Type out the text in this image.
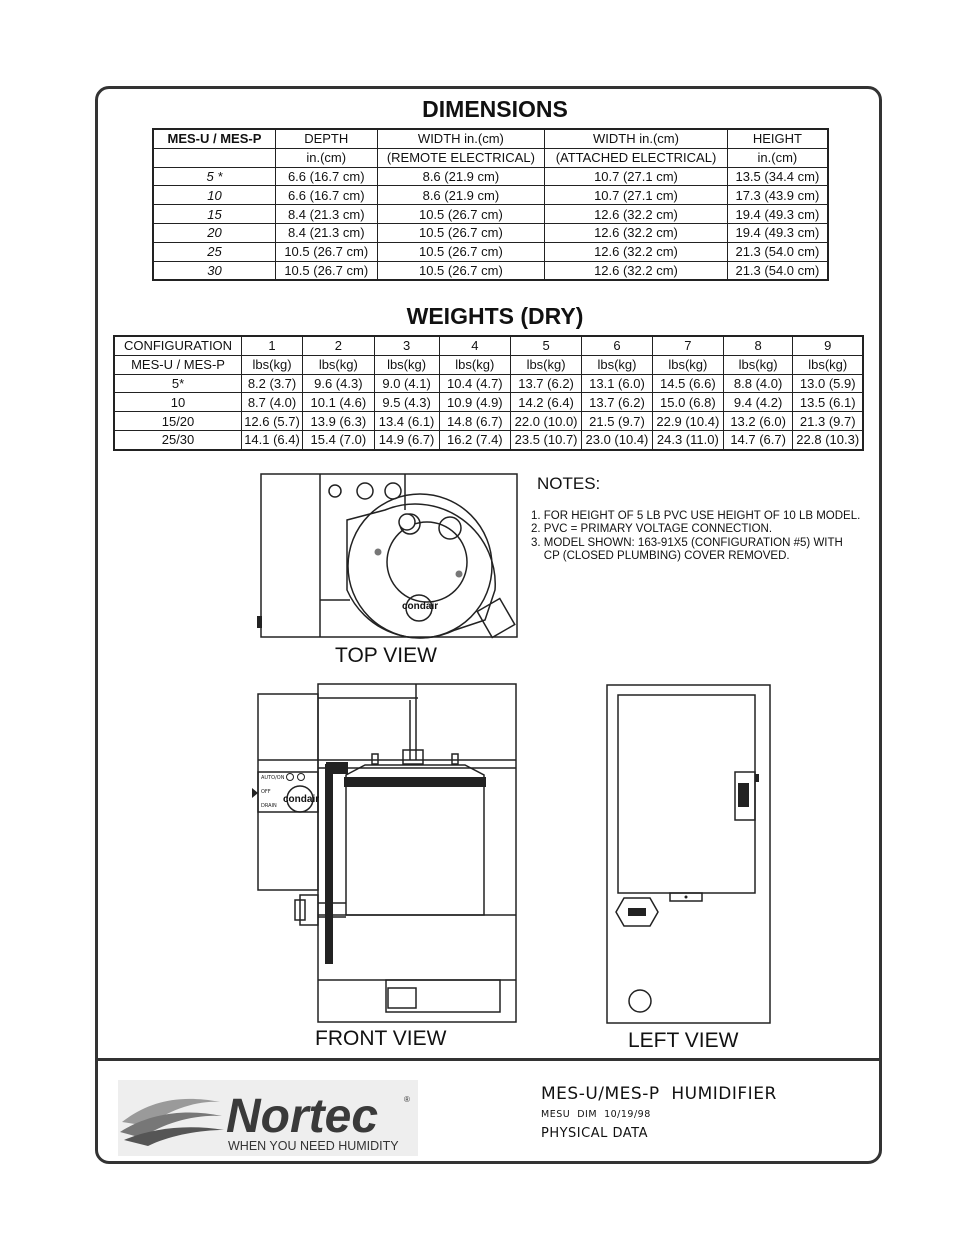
DIMENSIONS
MES-U / MES-P	DEPTH	WIDTH in.(cm)	WIDTH in.(cm)	HEIGHT
	in.(cm)	(REMOTE ELECTRICAL)	(ATTACHED ELECTRICAL)	in.(cm)
5 *	6.6 (16.7 cm)	8.6 (21.9 cm)	10.7 (27.1 cm)	13.5 (34.4 cm)
10	6.6 (16.7 cm)	8.6 (21.9 cm)	10.7 (27.1 cm)	17.3 (43.9 cm)
15	8.4 (21.3 cm)	10.5 (26.7 cm)	12.6 (32.2 cm)	19.4 (49.3 cm)
20	8.4 (21.3 cm)	10.5 (26.7 cm)	12.6 (32.2 cm)	19.4 (49.3 cm)
25	10.5 (26.7 cm)	10.5 (26.7 cm)	12.6 (32.2 cm)	21.3 (54.0 cm)
30	10.5 (26.7 cm)	10.5 (26.7 cm)	12.6 (32.2 cm)	21.3 (54.0 cm)
WEIGHTS (DRY)
CONFIGURATION	1	2	3	4	5	6	7	8	9
MES-U / MES-P	lbs(kg)	lbs(kg)	lbs(kg)	lbs(kg)	lbs(kg)	lbs(kg)	lbs(kg)	lbs(kg)	lbs(kg)
5*	8.2 (3.7)	9.6 (4.3)	9.0 (4.1)	10.4 (4.7)	13.7 (6.2)	13.1 (6.0)	14.5 (6.6)	8.8 (4.0)	13.0 (5.9)
10	8.7 (4.0)	10.1 (4.6)	9.5 (4.3)	10.9 (4.9)	14.2 (6.4)	13.7 (6.2)	15.0 (6.8)	9.4 (4.2)	13.5 (6.1)
15/20	12.6 (5.7)	13.9 (6.3)	13.4 (6.1)	14.8 (6.7)	22.0 (10.0)	21.5 (9.7)	22.9 (10.4)	13.2 (6.0)	21.3 (9.7)
25/30	14.1 (6.4)	15.4 (7.0)	14.9 (6.7)	16.2 (7.4)	23.5 (10.7)	23.0 (10.4)	24.3 (11.0)	14.7 (6.7)	22.8 (10.3)
NOTES:
1. FOR HEIGHT OF 5 LB PVC USE HEIGHT OF 10 LB MODEL.
2. PVC = PRIMARY VOLTAGE CONNECTION.
3. MODEL SHOWN: 163-91X5 (CONFIGURATION #5) WITH
CP (CLOSED PLUMBING) COVER REMOVED.
condair
TOP VIEW
AUTO/ON
OFF
DRAIN
condair
FRONT VIEW	LEFT VIEW
Nortec	®
WHEN YOU NEED HUMIDITY
MES-U/MES-P  HUMIDIFIER
MESU  DIM  10/19/98
PHYSICAL DATA
